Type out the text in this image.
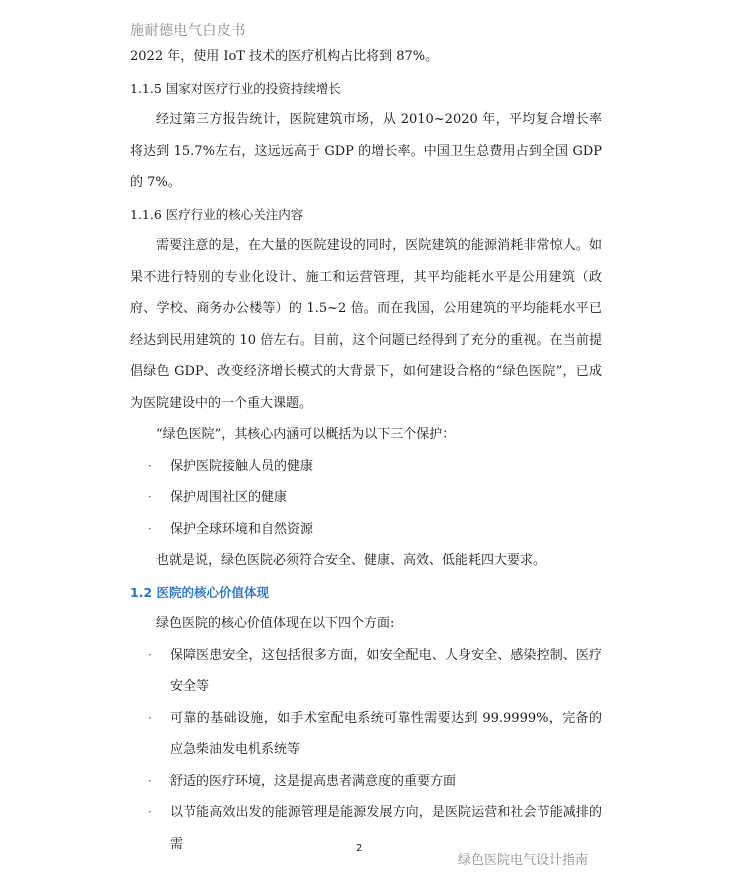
施耐德电气白皮书
2022 年，使用 IoT 技术的医疗机构占比将到 87%。
1.1.5 国家对医疗行业的投资持续增长
经过第三方报告统计，医院建筑市场，从 2010~2020 年，平均复合增长率将达到 15.7%左右，这远远高于 GDP 的增长率。中国卫生总费用占到全国 GDP 的 7%。
1.1.6 医疗行业的核心关注内容
需要注意的是，在大量的医院建设的同时，医院建筑的能源消耗非常惊人。如果不进行特别的专业化设计、施工和运营管理，其平均能耗水平是公用建筑（政府、学校、商务办公楼等）的 1.5~2 倍。而在我国，公用建筑的平均能耗水平已经达到民用建筑的 10 倍左右。目前，这个问题已经得到了充分的重视。在当前提倡绿色 GDP、改变经济增长模式的大背景下，如何建设合格的“绿色医院”，已成为医院建设中的一个重大课题。
“绿色医院”，其核心内涵可以概括为以下三个保护：
· 保护医院接触人员的健康
· 保护周围社区的健康
· 保护全球环境和自然资源
也就是说，绿色医院必须符合安全、健康、高效、低能耗四大要求。
1.2 医院的核心价值体现
绿色医院的核心价值体现在以下四个方面:
· 保障医患安全，这包括很多方面，如安全配电、人身安全、感染控制、医疗安全等
· 可靠的基础设施，如手术室配电系统可靠性需要达到 99.9999%，完备的应急柴油发电机系统等
· 舒适的医疗环境，这是提高患者满意度的重要方面
· 以节能高效出发的能源管理是能源发展方向，是医院运营和社会节能减排的需	2
绿色医院电气设计指南
